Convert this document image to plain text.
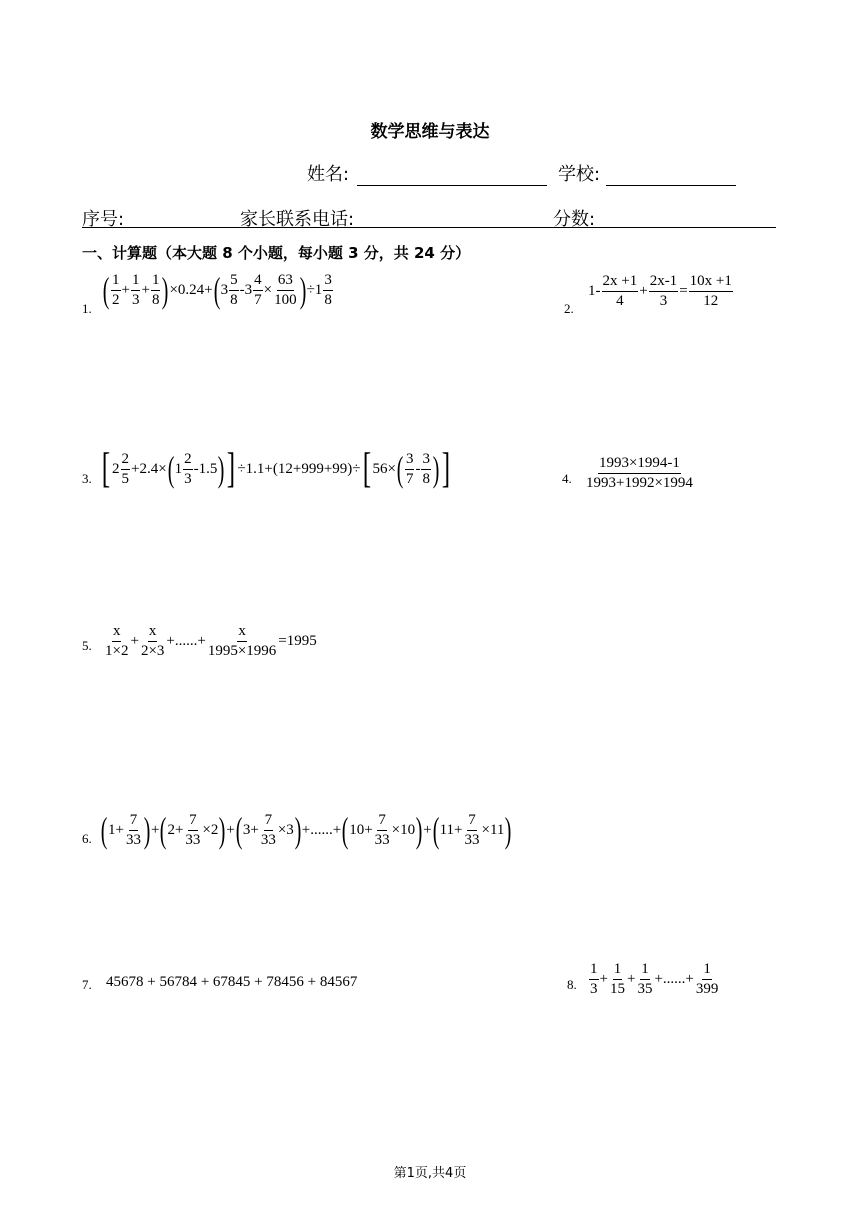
数学思维与表达
姓名:	学校:
序号:	家长联系电话:	分数:
一、计算题（本大题 8 个小题，每小题 3 分，共 24 分）
1. ( $\frac{1}{2} + \frac{1}{3} + \frac{1}{8}$ ) ×0.24+ ( $3 \frac{5}{8} -3 \frac{4}{7} \times \frac{63}{100}$ ) $\div 1 \frac{3}{8}$
2.
$1- \frac{2x +1}{4} + \frac{2x-1}{3} = \frac{10x +1}{12}$
3. [ $2 \frac{2}{5} +2.4\times$ ( $1 \frac{2}{3} -1.5$ ) ] ÷1.1+(12+999+99)÷ [ 56× ( $\frac{3}{7} - \frac{3}{8}$ ) ]	4. $\frac{1993\times 1994-1}{1993+1992\times 1994}$
5. $\frac{x}{1\times 2} + \frac{x}{2\times 3}$ +......+ $\frac{x}{1995\times 1996} =1995$
6. ( $1+ \frac{7}{33}$ ) + ( $2+ \frac{7}{33} \times 2$ ) + ( $3+ \frac{7}{33} \times 3$ ) +......+ ( $10+ \frac{7}{33} \times 10$ ) + ( $11+ \frac{7}{33} \times 11$ )
7. 45678 + 56784 + 67845 + 78456 + 84567	8. $\frac{1}{3} + \frac{1}{15} + \frac{1}{35}$ +......+ $\frac{1}{399}$
第1页,共4页
